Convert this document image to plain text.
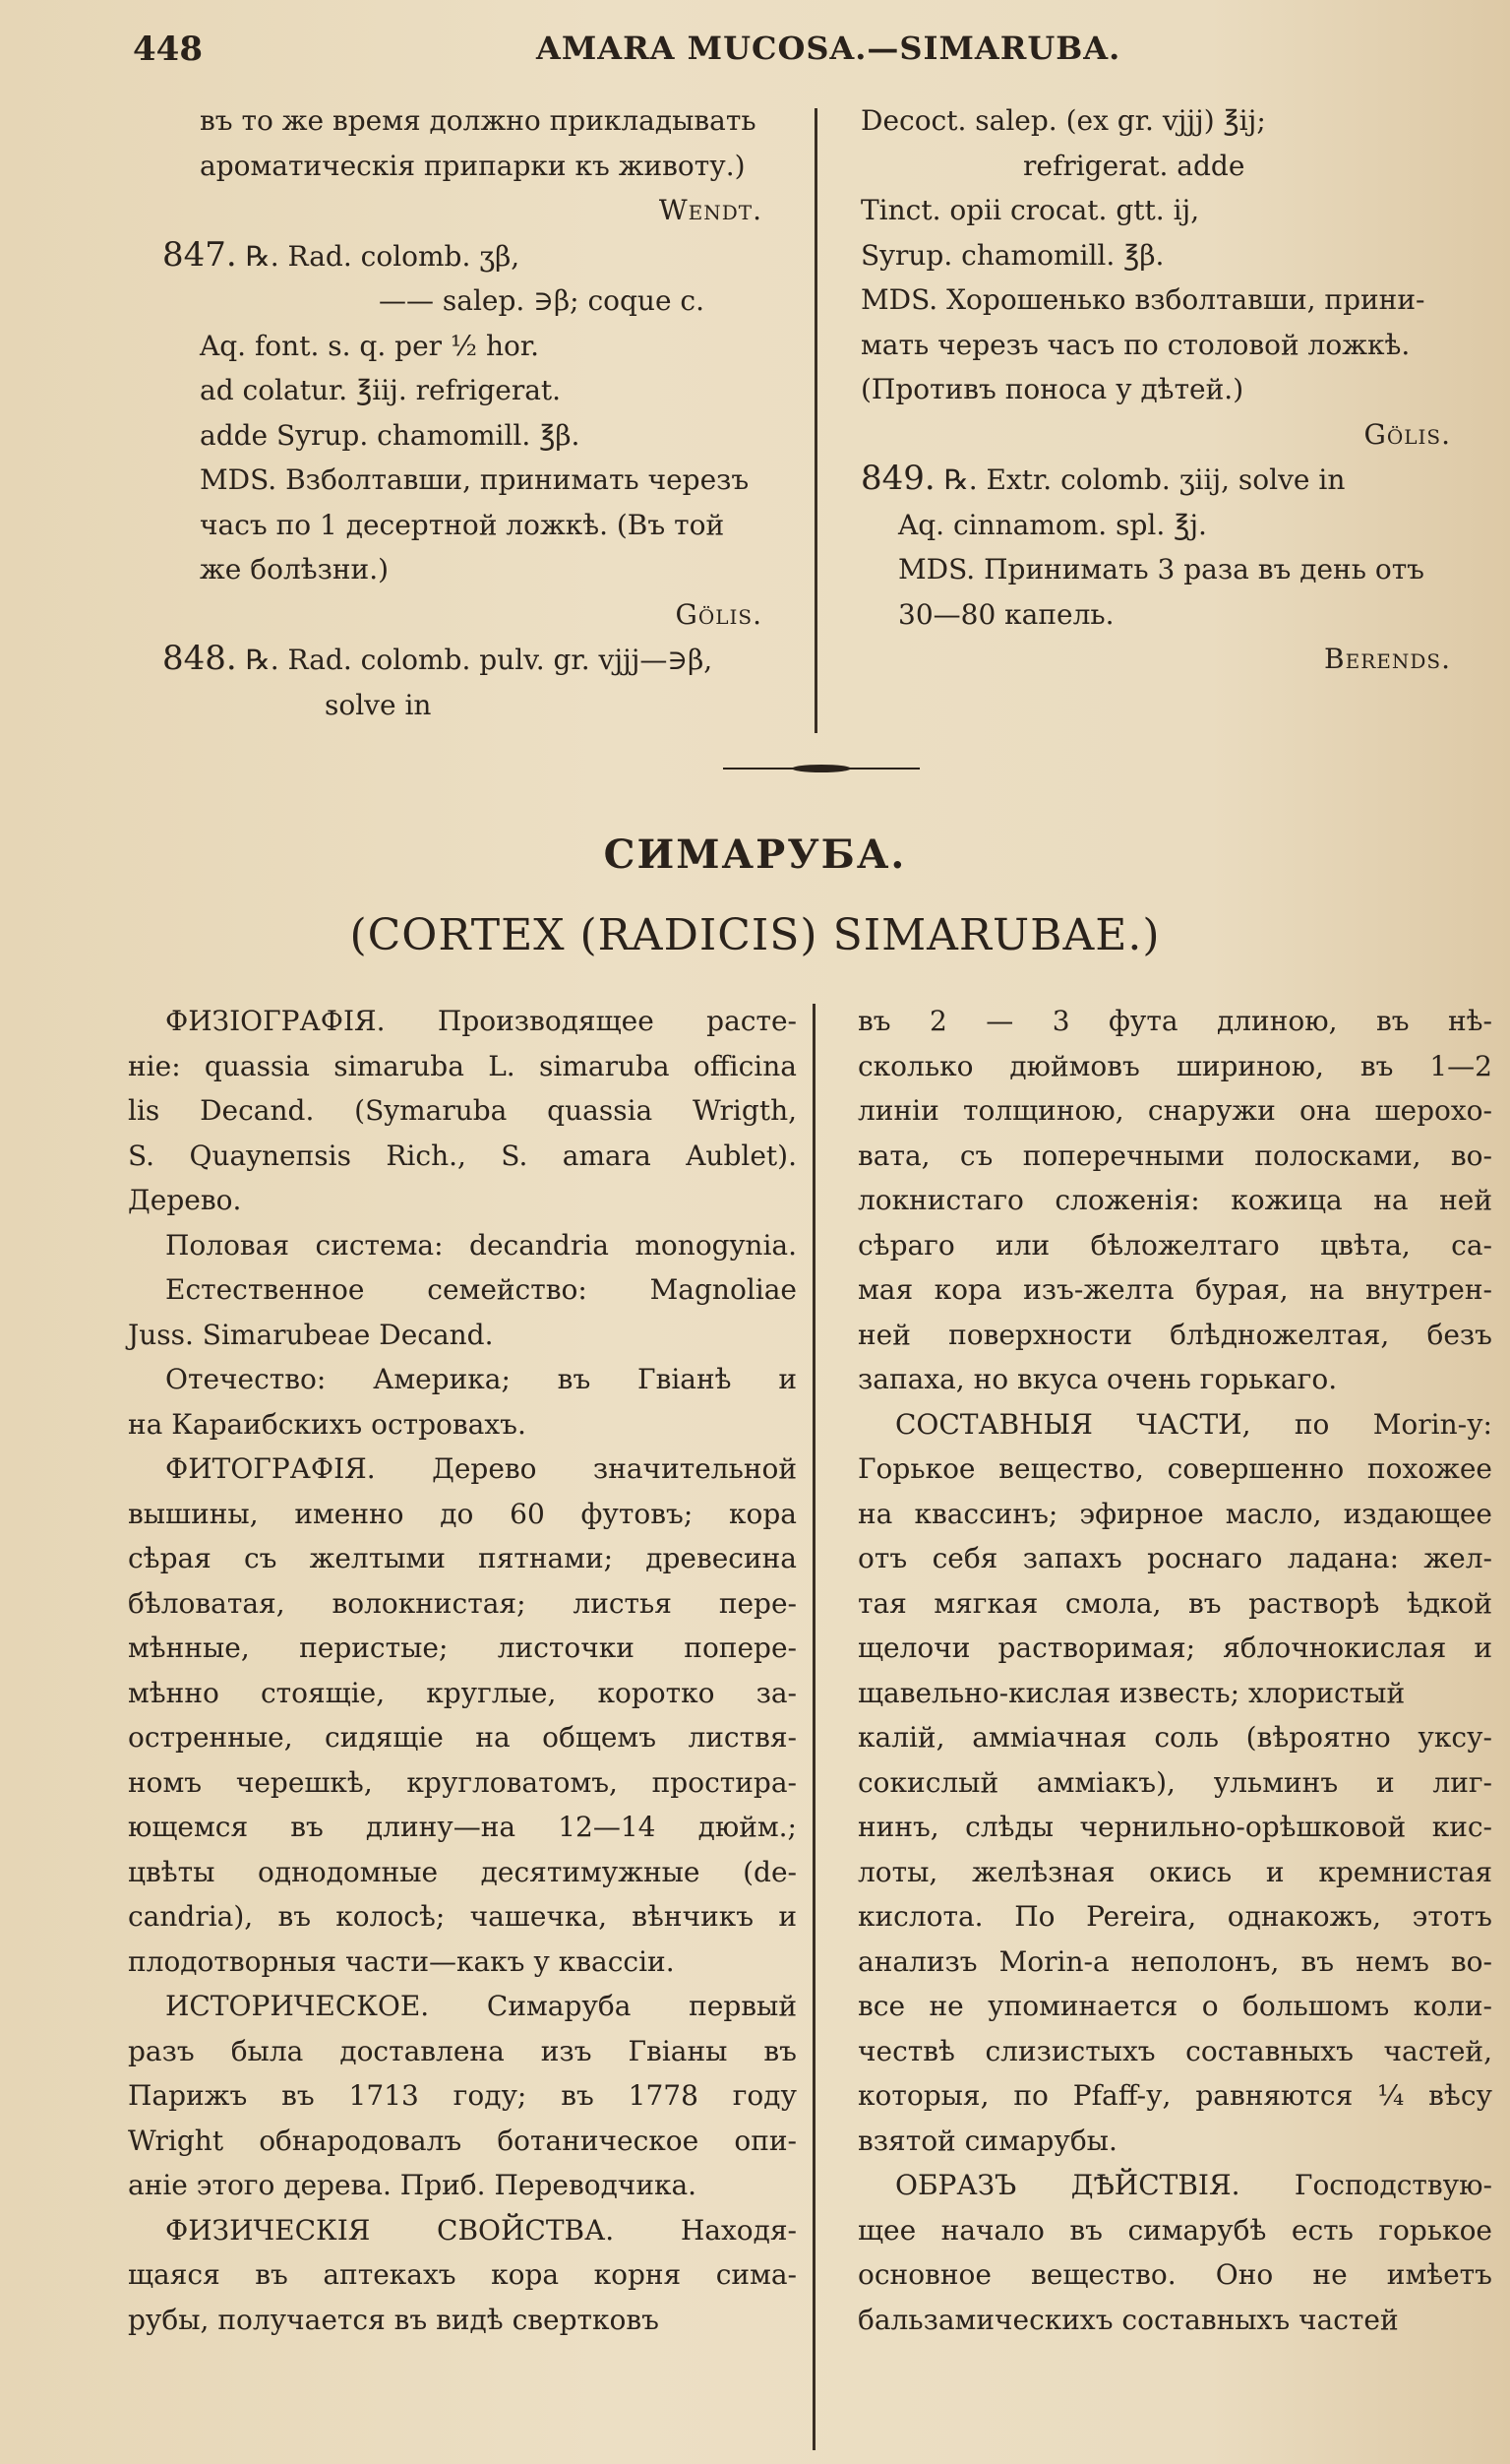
448	AMARA MUCOSA.—SIMARUBA.

въ то же время должно прикладывать

ароматическія припарки къ животу.)

Wendt.

847. ℞. Rad. colomb. ʒβ,

—— salep. ∋β; coque c.

Aq. font. s. q. per ½ hor.

ad colatur. ℥iij. refrigerat.

adde Syrup. chamomill. ℥β.

MDS. Взболтавши, принимать черезъ

часъ по 1 десертной ложкѣ. (Въ той

же болѣзни.)

Gölis.

848. ℞. Rad. colomb. pulv. gr. vjjj—∋β,

solve in

Decoct. salep. (ex gr. vjjj) ℥ij;

refrigerat. adde

Tinct. opii crocat. gtt. ij,

Syrup. chamomill. ℥β.

MDS. Хорошенько взболтавши, прини-

мать черезъ часъ по столовой ложкѣ.

(Противъ поноса у дѣтей.)

Gölis.

849. ℞. Extr. colomb. ʒiij, solve in

Aq. cinnamom. spl. ℥j.

MDS. Принимать 3 раза въ день отъ

30—80 капель.

Berends.

СИМАРУБА.
(CORTEX (RADICIS) SIMARUBAE.)

ФИЗІОГРАФІЯ. Производящее расте-

ніе: quassia simaruba L. simaruba officina

lis Decand. (Symaruba quassia Wrigth,

S. Quayneпsis Rich., S. amara Aublet).

Дерево.

Половая система: decandria monogynia.

Естественное семейство: Magnoliae

Juss. Simarubeae Decand.

Отечество: Америка; въ Гвіанѣ и

на Караибскихъ островахъ.

ФИТОГРАФІЯ. Дерево значительной

вышины, именно до 60 футовъ; кора

сѣрая съ желтыми пятнами; древесина

бѣловатая, волокнистая; листья пере-

мѣнные, перистые; листочки попере-

мѣнно стоящіе, круглые, коротко за-

остренные, сидящіе на общемъ листвя-

номъ черешкѣ, кругловатомъ, простира-

ющемся въ длину—на 12—14 дюйм.;

цвѣты однодомные десятимужные (de-

candria), въ колосѣ; чашечка, вѣнчикъ и

плодотворныя части—какъ у квассіи.

ИСТОРИЧЕСКОЕ. Симаруба первый

разъ была доставлена изъ Гвіаны въ

Парижъ въ 1713 году; въ 1778 году

Wright обнародовалъ ботаническое опи-

аніе этого дерева. Приб. Переводчика.

ФИЗИЧЕСКІЯ СВОЙСТВА. Находя-

щаяся въ аптекахъ кора корня сима-

рубы, получается въ видѣ свертковъ

въ 2 — 3 фута длиною, въ нѣ-

сколько дюймовъ шириною, въ 1—2

линіи толщиною, снаружи она шерохо-

вата, съ поперечными полосками, во-

локнистаго сложенія: кожица на ней

сѣраго или бѣложелтаго цвѣта, са-

мая кора изъ-желта бурая, на внутрен-

ней поверхности блѣдножелтая, безъ

запаха, но вкуса очень горькаго.

СОСТАВНЫЯ ЧАСТИ, по Morin-у:

Горькое вещество, совершенно похожее

на квассинъ; эфирное масло, издающее

отъ себя запахъ роснаго ладана: жел-

тая мягкая смола, въ растворѣ ѣдкой

щелочи растворимая; яблочнокислая и

щавельно-кислая известь; хлористый

калій, амміачная соль (вѣроятно уксу-

сокислый амміакъ), ульминъ и лиг-

нинъ, слѣды чернильно-орѣшковой кис-

лоты, желѣзная окись и кремнистая

кислота. По Pereira, однакожъ, этотъ

анализъ Morin-а неполонъ, въ немъ во-

все не упоминается о большомъ коли-

чествѣ слизистыхъ составныхъ частей,

которыя, по Pfaff-у, равняются ¼ вѣсу

взятой симарубы.

ОБРАЗЪ ДѢЙСТВІЯ. Господствую-

щее начало въ симарубѣ есть горькое

основное вещество. Оно не имѣетъ

бальзамическихъ составныхъ частей
